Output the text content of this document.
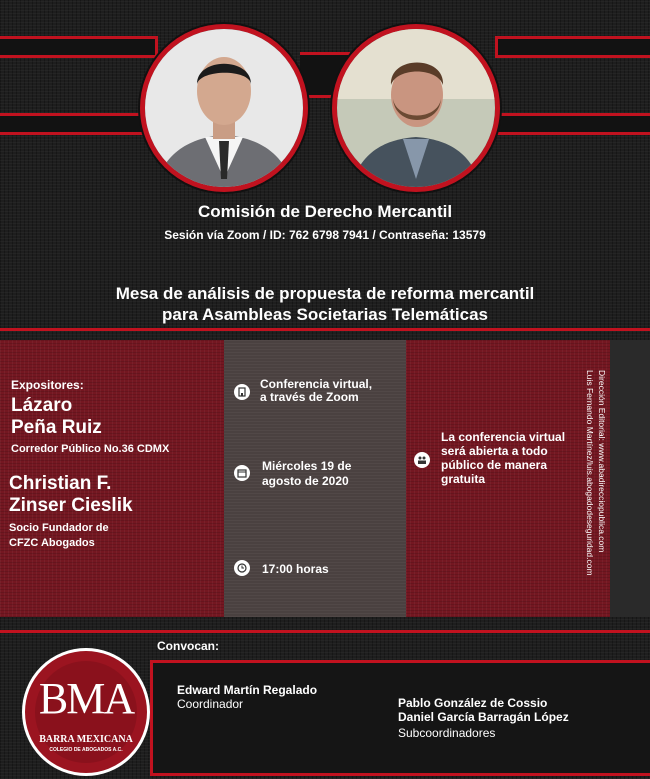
Comisión de Derecho Mercantil
Sesión vía Zoom / ID: 762 6798 7941 / Contraseña: 13579
Mesa de análisis de propuesta de reforma mercantil
para Asambleas Societarias Telemáticas
Expositores:
Lázaro
Peña Ruiz
Corredor Público No.36 CDMX
Christian F.
Zinser Cieslik
Socio Fundador de
CFZC Abogados
Conferencia virtual,
a través de Zoom
Miércoles 19 de
agosto de 2020
17:00 horas
La conferencia virtual
será abierta a todo
público de manera
gratuita	Dirección Editorial: www.abadirecciopublica.com
Luis Fernando Martínez/luis.abogadodeseguridad.com
Convocan:
Edward Martín Regalado
Coordinador	Pablo González de Cossio
Daniel García Barragán López
Subcoordinadores
BMA
BARRA MEXICANA
COLEGIO DE ABOGADOS A.C.
